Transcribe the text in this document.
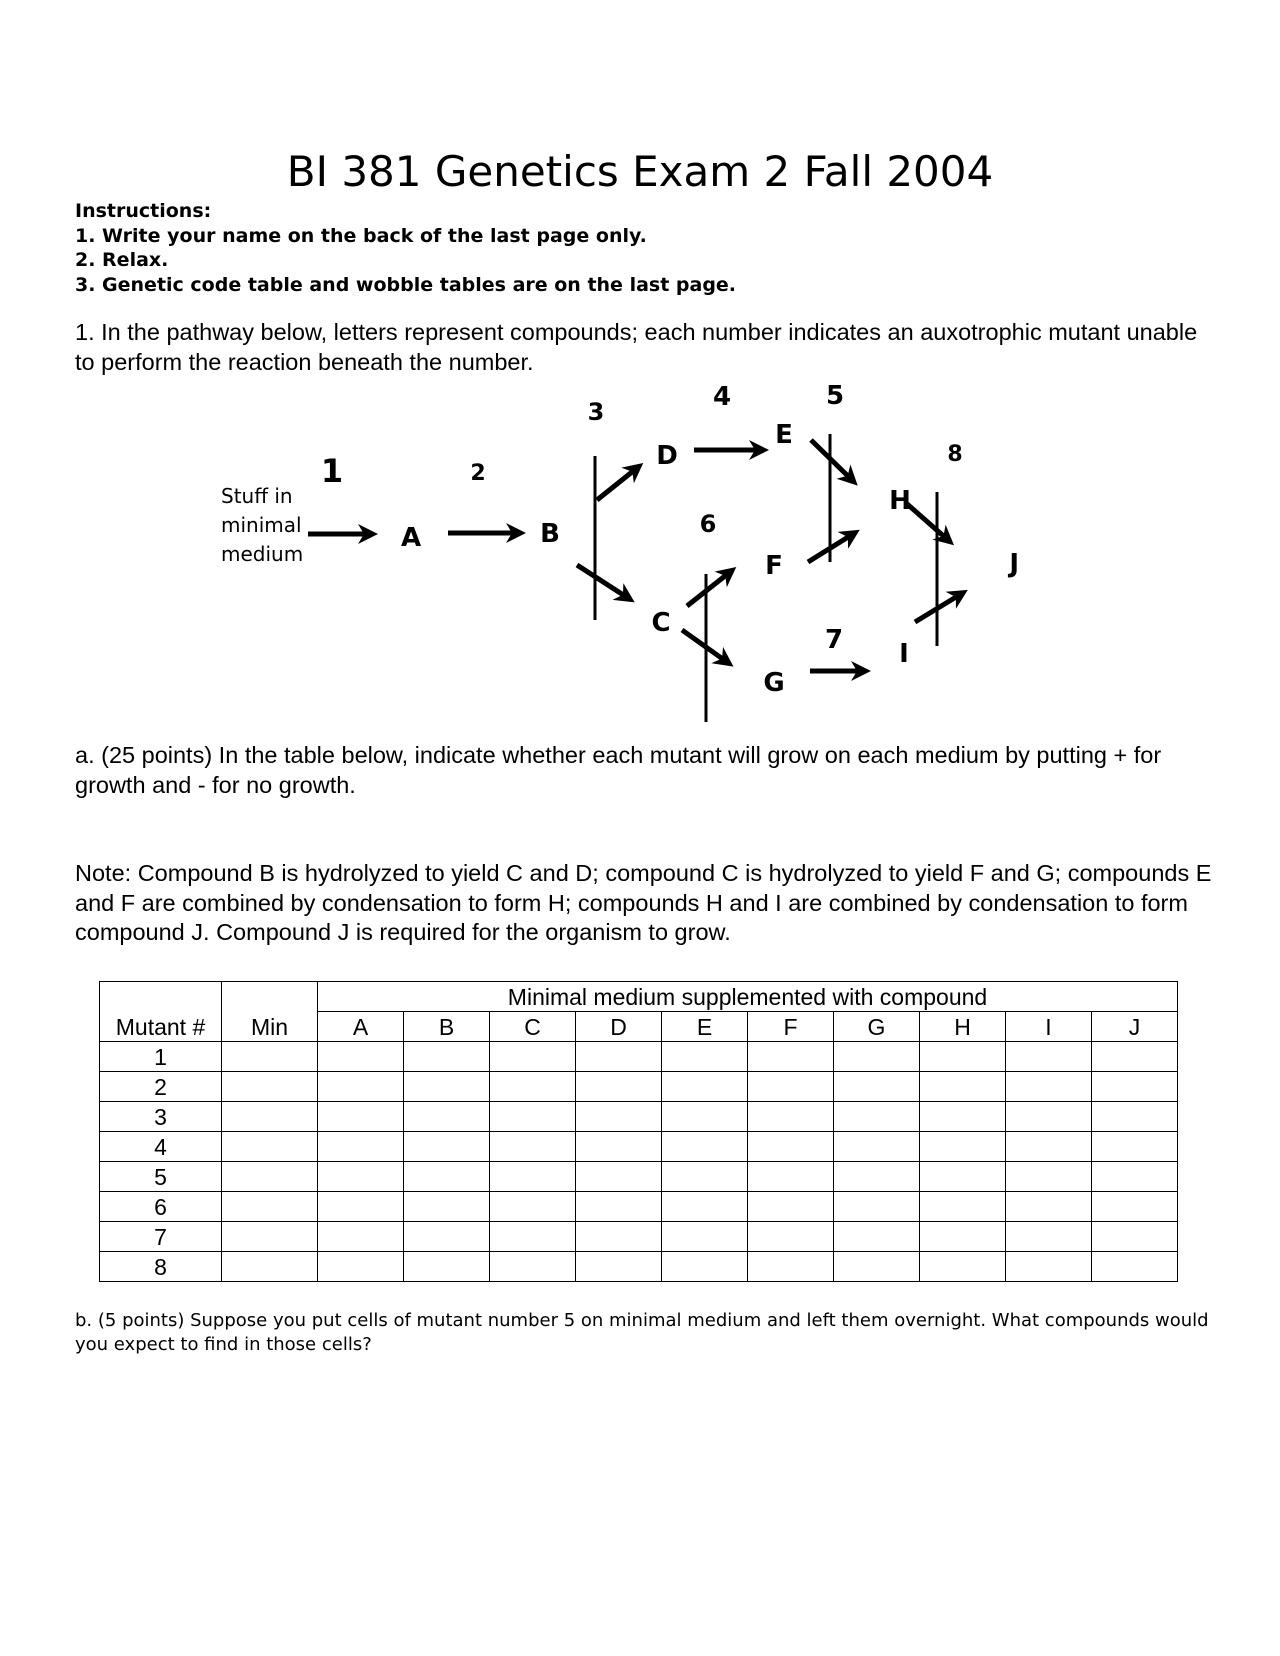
BI 381 Genetics Exam 2 Fall 2004
Instructions:
1. Write your name on the back of the last page only.
2. Relax.
3. Genetic code table and wobble tables are on the last page.

1. In the pathway below, letters represent compounds; each number indicates an auxotrophic mutant unable to perform the reaction beneath the number.

Stuff in
minimal
medium
A	B
C
D
E
F
G
H
I
J
1	2
3	4	5
6
7
8

a. (25 points) In the table below, indicate whether each mutant will grow on each medium by putting + for growth and - for no growth.

Note: Compound B is hydrolyzed to yield C and D; compound C is hydrolyzed to yield F and G; compounds E and F are combined by condensation to form H; compounds H and I are combined by condensation to form compound J. Compound J is required for the organism to grow.

		Minimal medium supplemented with compound									
Mutant #	Min	A	B	C	D	E	F	G	H	I	J
1											
2											
3											
4											
5											
6											
7											
8											

b. (5 points) Suppose you put cells of mutant number 5 on minimal medium and left them overnight. What compounds would you expect to find in those cells?
